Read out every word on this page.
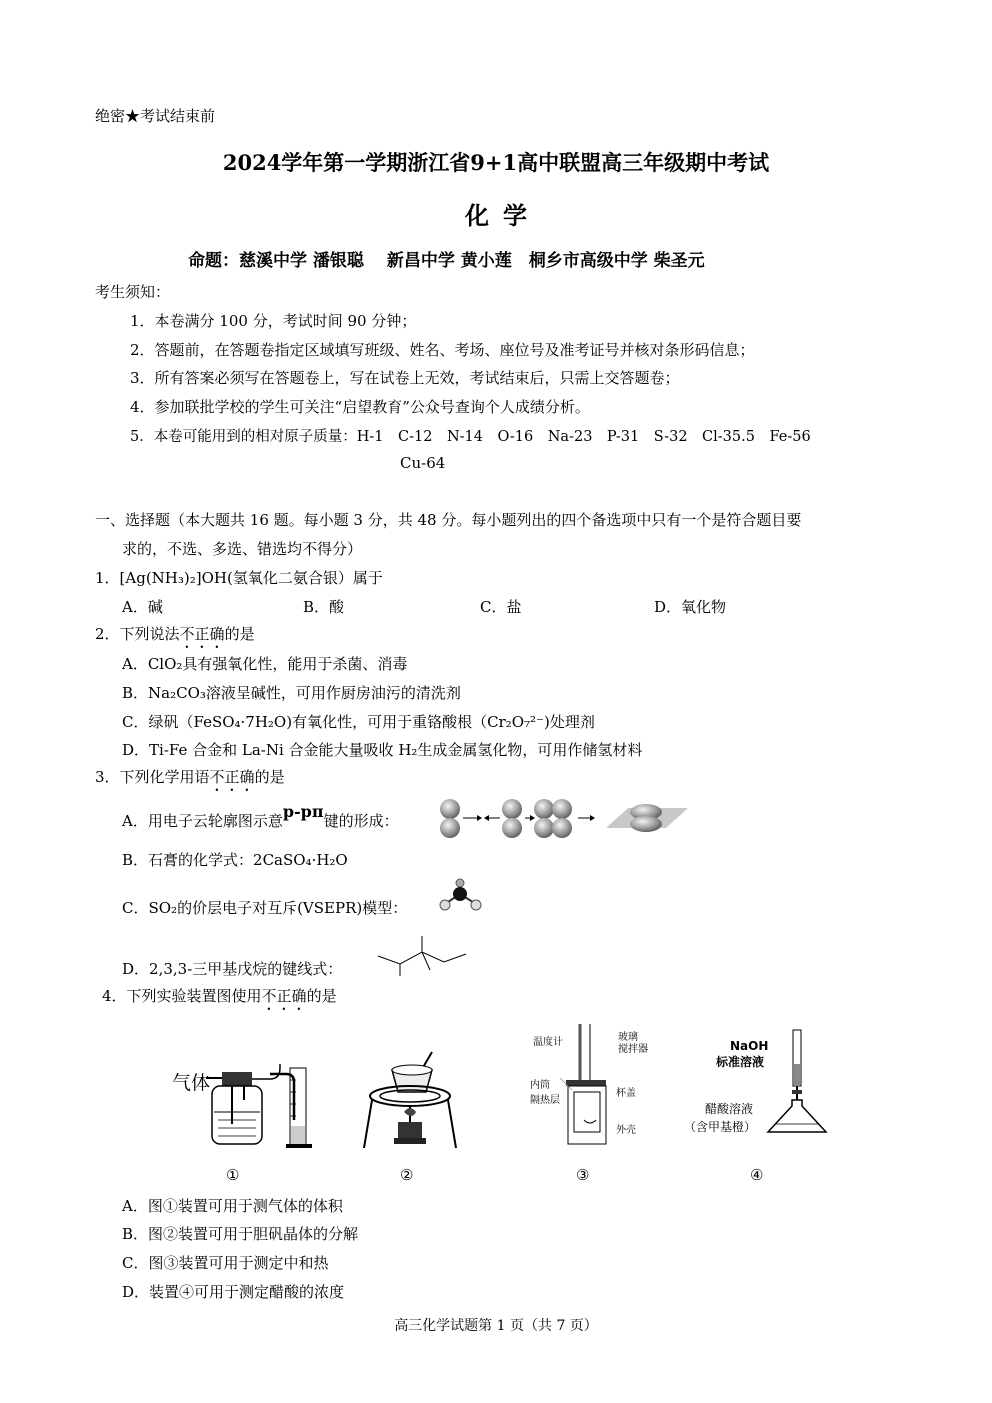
绝密★考试结束前
2024学年第一学期浙江省9+1高中联盟高三年级期中考试
化学
命题：慈溪中学 潘银聪　 新昌中学 黄小莲　桐乡市高级中学 柴圣元
考生须知：
1．本卷满分 100 分，考试时间 90 分钟；
2．答题前，在答题卷指定区域填写班级、姓名、考场、座位号及准考证号并核对条形码信息；
3．所有答案必须写在答题卷上，写在试卷上无效，考试结束后，只需上交答题卷；
4．参加联批学校的学生可关注“启望教育”公众号查询个人成绩分析。
5．本卷可能用到的相对原子质量：H-1　C-12　N-14　O-16　Na-23　P-31　S-32　Cl-35.5　Fe-56
Cu-64
一、选择题（本大题共 16 题。每小题 3 分，共 48 分。每小题列出的四个备选项中只有一个是符合题目要
求的，不选、多选、错选均不得分）
1．[Ag(NH₃)₂]OH(氢氧化二氨合银）属于
A．碱	B．酸	C．盐	D．氧化物
2．下列说法不正确的是
A．ClO₂具有强氧化性，能用于杀菌、消毒
B．Na₂CO₃溶液呈碱性，可用作厨房油污的清洗剂
C．绿矾（FeSO₄·7H₂O)有氧化性，可用于重铬酸根（Cr₂O₇²⁻)处理剂
D．Ti-Fe 合金和 La-Ni 合金能大量吸收 H₂生成金属氢化物，可用作储氢材料
3．下列化学用语不正确的是
A．用电子云轮廓图示意p-pπ键的形成：
B．石膏的化学式：2CaSO₄·H₂O
C．SO₂的价层电子对互斥(VSEPR)模型：
D．2,3,3-三甲基戊烷的键线式：
4．下列实验装置图使用不正确的是
气体
温度计	玻璃
搅拌器
内筒
隔热层
杯盖
外壳
NaOH
标准溶液
醋酸溶液
（含甲基橙）
①	②	③	④
A．图①装置可用于测气体的体积
B．图②装置可用于胆矾晶体的分解
C．图③装置可用于测定中和热
D．装置④可用于测定醋酸的浓度
高三化学试题第 1 页（共 7 页）
